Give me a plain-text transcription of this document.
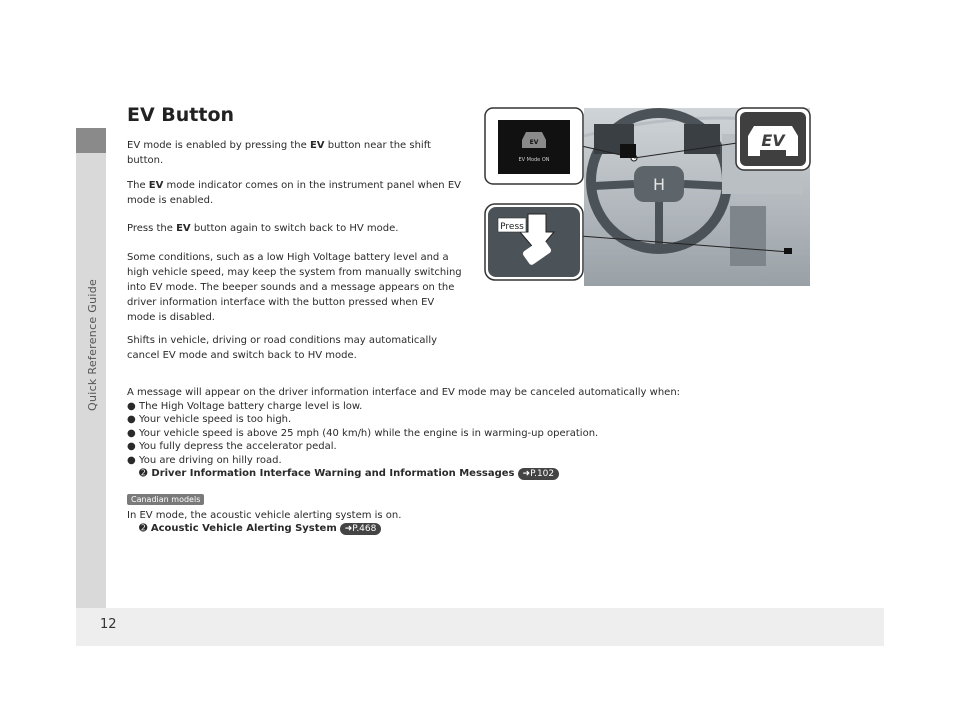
Quick Reference Guide
12
EV Button

EV mode is enabled by pressing the EV button near the shift
button.

The EV mode indicator comes on in the instrument panel when EV
mode is enabled.

Press the EV button again to switch back to HV mode.

Some conditions, such as a low High Voltage battery level and a
high vehicle speed, may keep the system from manually switching
into EV mode. The beeper sounds and a message appears on the
driver information interface with the button pressed when EV
mode is disabled.

Shifts in vehicle, driving or road conditions may automatically
cancel EV mode and switch back to HV mode.

A message will appear on the driver information interface and EV mode may be canceled automatically when:
● The High Voltage battery charge level is low.
● Your vehicle speed is too high.
● Your vehicle speed is above 25 mph (40 km/h) while the engine is in warming-up operation.
● You fully depress the accelerator pedal.
● You are driving on hilly road.
➋ Driver Information Interface Warning and Information Messages ➜P.102
Canadian models
In EV mode, the acoustic vehicle alerting system is on.
➋ Acoustic Vehicle Alerting System ➜P.468
H
EV
EV Mode ON
Press
EV
